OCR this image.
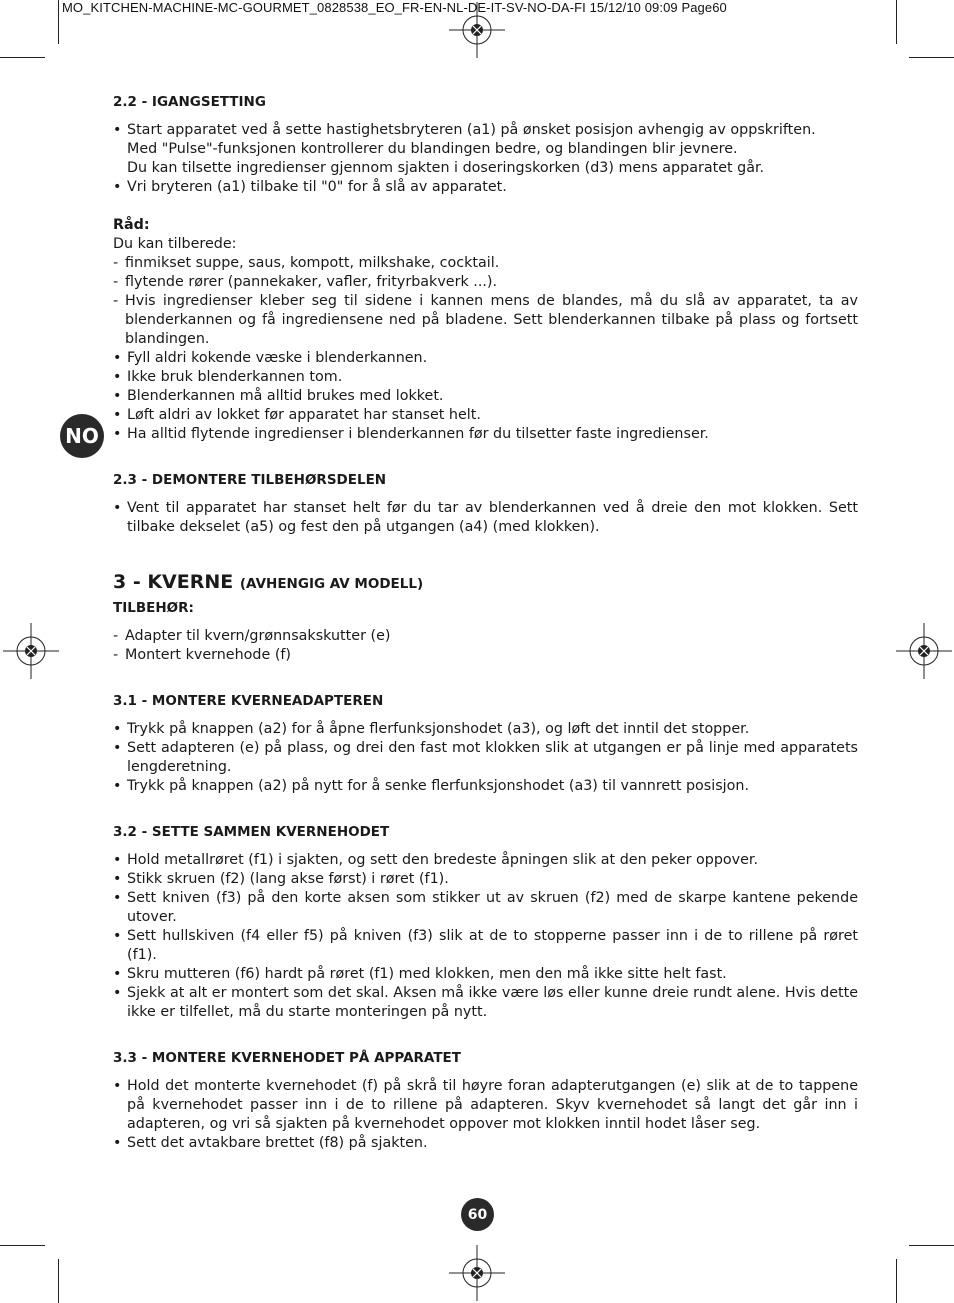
MO_KITCHEN-MACHINE-MC-GOURMET_0828538_EO_FR-EN-NL-DE-IT-SV-NO-DA-FI 15/12/10 09:09 Page60
NO
2.2 - IGANGSETTING
• Start apparatet ved å sette hastighetsbryteren (a1) på ønsket posisjon avhengig av oppskriften.
Med "Pulse"-funksjonen kontrollerer du blandingen bedre, og blandingen blir jevnere.
Du kan tilsette ingredienser gjennom sjakten i doseringskorken (d3) mens apparatet går.
• Vri bryteren (a1) tilbake til "0" for å slå av apparatet.

Råd:

Du kan tilberede:

- finmikset suppe, saus, kompott, milkshake, cocktail.
- flytende rører (pannekaker, vafler, frityrbakverk ...).
- Hvis ingredienser kleber seg til sidene i kannen mens de blandes, må du slå av apparatet, ta av blenderkannen og få ingrediensene ned på bladene. Sett blenderkannen tilbake på plass og fortsett blandingen.
• Fyll aldri kokende væske i blenderkannen.
• Ikke bruk blenderkannen tom.
• Blenderkannen må alltid brukes med lokket.
• Løft aldri av lokket før apparatet har stanset helt.
• Ha alltid flytende ingredienser i blenderkannen før du tilsetter faste ingredienser.
2.3 - DEMONTERE TILBEHØRSDELEN
• Vent til apparatet har stanset helt før du tar av blenderkannen ved å dreie den mot klokken. Sett tilbake dekselet (a5) og fest den på utgangen (a4) (med klokken).

3 - KVERNE (AVHENGIG AV MODELL)

TILBEHØR:
- Adapter til kvern/grønnsakskutter (e)
- Montert kvernehode (f)
3.1 - MONTERE KVERNEADAPTEREN
• Trykk på knappen (a2) for å åpne flerfunksjonshodet (a3), og løft det inntil det stopper.
• Sett adapteren (e) på plass, og drei den fast mot klokken slik at utgangen er på linje med apparatets lengderetning.
• Trykk på knappen (a2) på nytt for å senke flerfunksjonshodet (a3) til vannrett posisjon.
3.2 - SETTE SAMMEN KVERNEHODET
• Hold metallrøret (f1) i sjakten, og sett den bredeste åpningen slik at den peker oppover.
• Stikk skruen (f2) (lang akse først) i røret (f1).
• Sett kniven (f3) på den korte aksen som stikker ut av skruen (f2) med de skarpe kantene pekende utover.
• Sett hullskiven (f4 eller f5) på kniven (f3) slik at de to stopperne passer inn i de to rillene på røret (f1).
• Skru mutteren (f6) hardt på røret (f1) med klokken, men den må ikke sitte helt fast.
• Sjekk at alt er montert som det skal. Aksen må ikke være løs eller kunne dreie rundt alene. Hvis dette ikke er tilfellet, må du starte monteringen på nytt.
3.3 - MONTERE KVERNEHODET PÅ APPARATET
• Hold det monterte kvernehodet (f) på skrå til høyre foran adapterutgangen (e) slik at de to tappene på kvernehodet passer inn i de to rillene på adapteren. Skyv kvernehodet så langt det går inn i adapteren, og vri så sjakten på kvernehodet oppover mot klokken inntil hodet låser seg.
• Sett det avtakbare brettet (f8) på sjakten.
60
